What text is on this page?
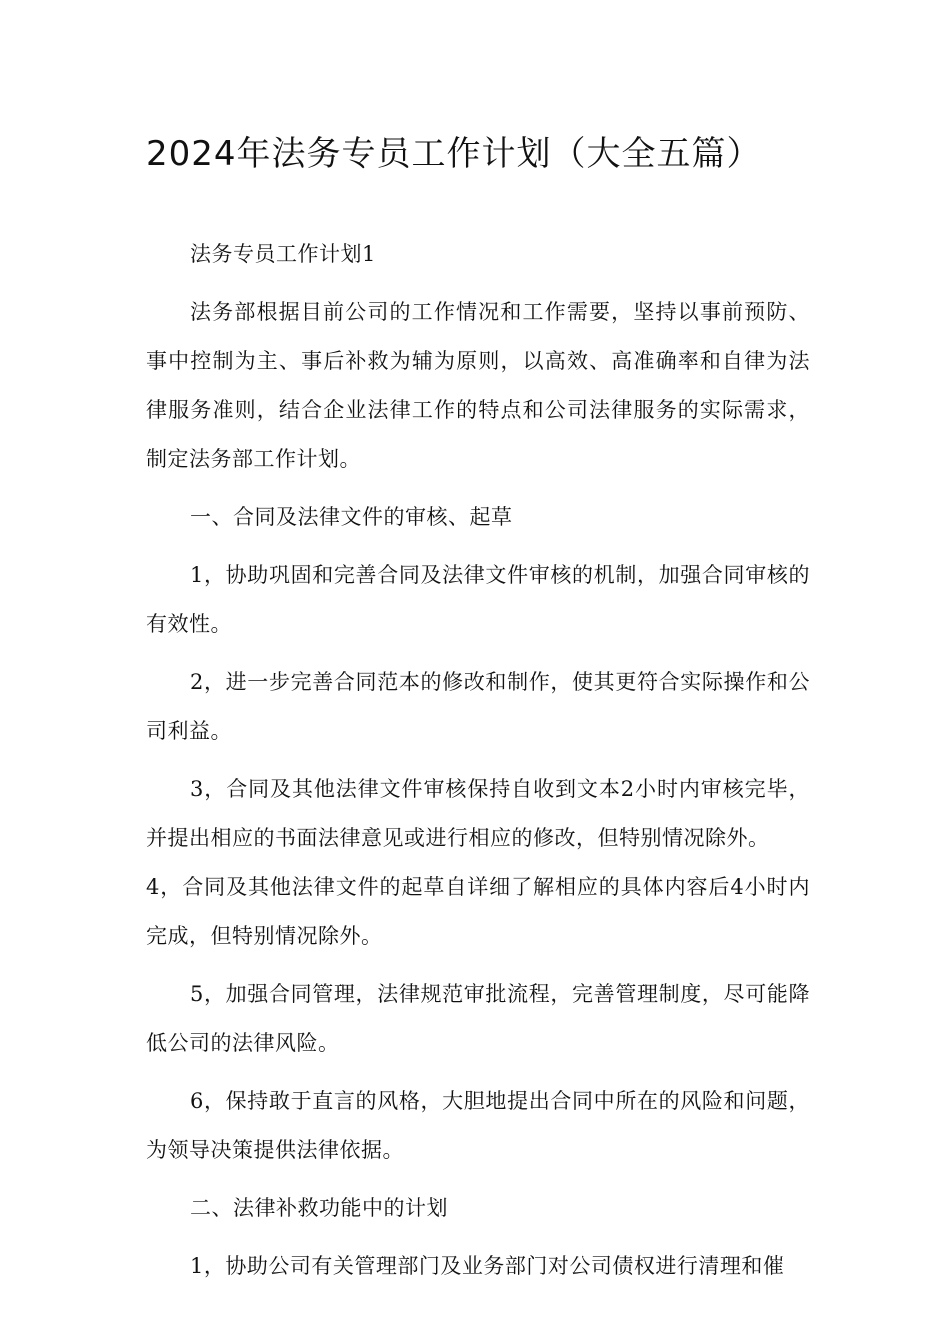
2024年法务专员工作计划（大全五篇）

法务专员工作计划1

法务部根据目前公司的工作情况和工作需要，坚持以事前预防、事中控制为主、事后补救为辅为原则，以高效、高准确率和自律为法律服务准则，结合企业法律工作的特点和公司法律服务的实际需求，制定法务部工作计划。

一、合同及法律文件的审核、起草

1，协助巩固和完善合同及法律文件审核的机制，加强合同审核的有效性。

2，进一步完善合同范本的修改和制作，使其更符合实际操作和公司利益。

3，合同及其他法律文件审核保持自收到文本2小时内审核完毕，并提出相应的书面法律意见或进行相应的修改，但特别情况除外。

4，合同及其他法律文件的起草自详细了解相应的具体内容后4小时内完成，但特别情况除外。

5，加强合同管理，法律规范审批流程，完善管理制度，尽可能降低公司的法律风险。

6，保持敢于直言的风格，大胆地提出合同中所在的风险和问题，为领导决策提供法律依据。

二、法律补救功能中的计划

1，协助公司有关管理部门及业务部门对公司债权进行清理和催
